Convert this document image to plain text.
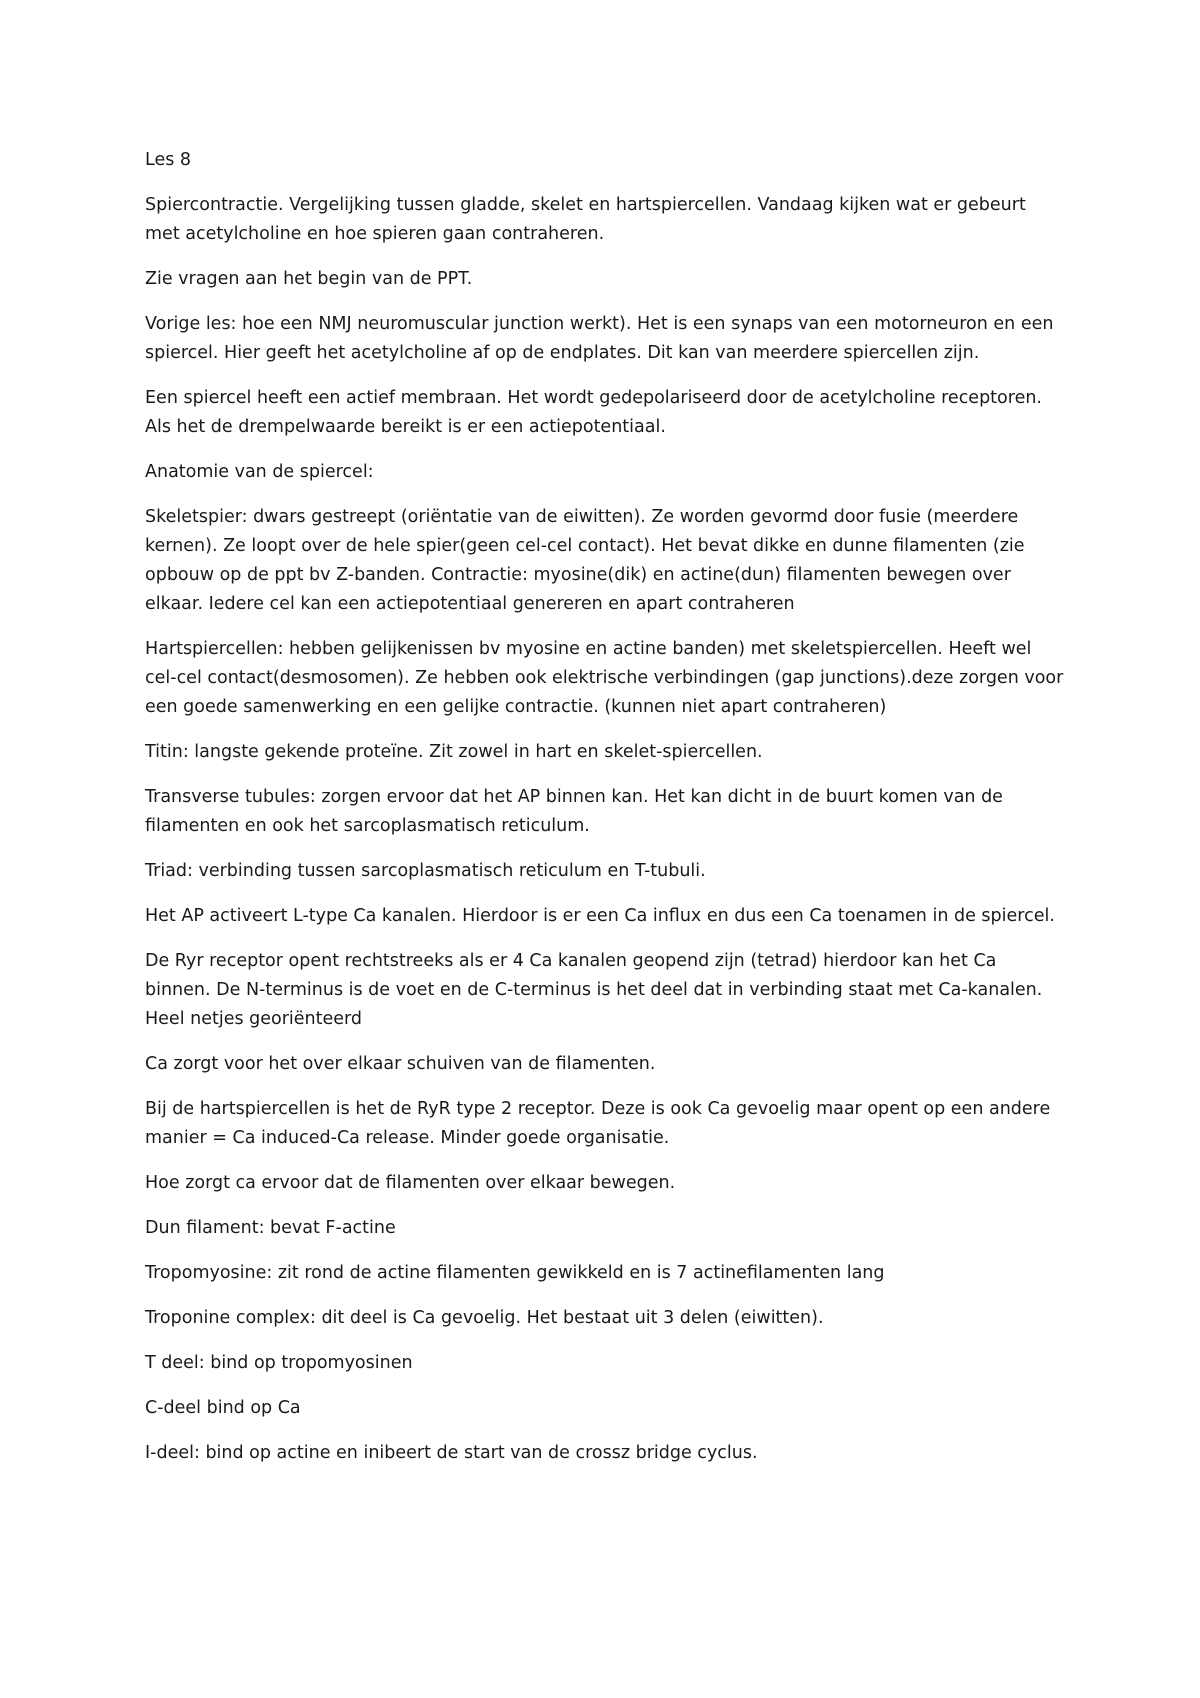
Les 8

Spiercontractie. Vergelijking tussen gladde, skelet en hartspiercellen. Vandaag kijken wat er gebeurt met acetylcholine en hoe spieren gaan contraheren.

Zie vragen aan het begin van de PPT.

Vorige les: hoe een NMJ neuromuscular junction werkt). Het is een synaps van een motorneuron en een spiercel. Hier geeft het acetylcholine af op de endplates. Dit kan van meerdere spiercellen zijn.

Een spiercel heeft een actief membraan. Het wordt gedepolariseerd door de acetylcholine receptoren. Als het de drempelwaarde bereikt is er een actiepotentiaal.

Anatomie van de spiercel:

Skeletspier: dwars gestreept (oriëntatie van de eiwitten). Ze worden gevormd door fusie (meerdere kernen). Ze loopt over de hele spier(geen cel-cel contact). Het bevat dikke en dunne filamenten (zie opbouw op de ppt bv Z-banden. Contractie: myosine(dik) en actine(dun) filamenten bewegen over elkaar. Iedere cel kan een actiepotentiaal genereren en apart contraheren

Hartspiercellen: hebben gelijkenissen bv myosine en actine banden) met skeletspiercellen. Heeft wel cel-cel contact(desmosomen). Ze hebben ook elektrische verbindingen (gap junctions).deze zorgen voor een goede samenwerking en een gelijke contractie. (kunnen niet apart contraheren)

Titin: langste gekende proteïne. Zit zowel in hart en skelet-spiercellen.

Transverse tubules: zorgen ervoor dat het AP binnen kan. Het kan dicht in de buurt komen van de filamenten en ook het sarcoplasmatisch reticulum.

Triad: verbinding tussen sarcoplasmatisch reticulum en T-tubuli.

Het AP activeert L-type Ca kanalen. Hierdoor is er een Ca influx en dus een Ca toenamen in de spiercel.

De Ryr receptor opent rechtstreeks als er 4 Ca kanalen geopend zijn (tetrad) hierdoor kan het Ca binnen. De N-terminus is de voet en de C-terminus is het deel dat in verbinding staat met Ca-kanalen. Heel netjes georiënteerd

Ca zorgt voor het over elkaar schuiven van de filamenten.

Bij de hartspiercellen is het de RyR type 2 receptor. Deze is ook Ca gevoelig maar opent op een andere manier = Ca induced-Ca release. Minder goede organisatie.

Hoe zorgt ca ervoor dat de filamenten over elkaar bewegen.

Dun filament: bevat F-actine

Tropomyosine: zit rond de actine filamenten gewikkeld en is 7 actinefilamenten lang

Troponine complex: dit deel is Ca gevoelig. Het bestaat uit 3 delen (eiwitten).

T deel: bind op tropomyosinen

C-deel bind op Ca

I-deel: bind op actine en inibeert de start van de crossz bridge cyclus.
